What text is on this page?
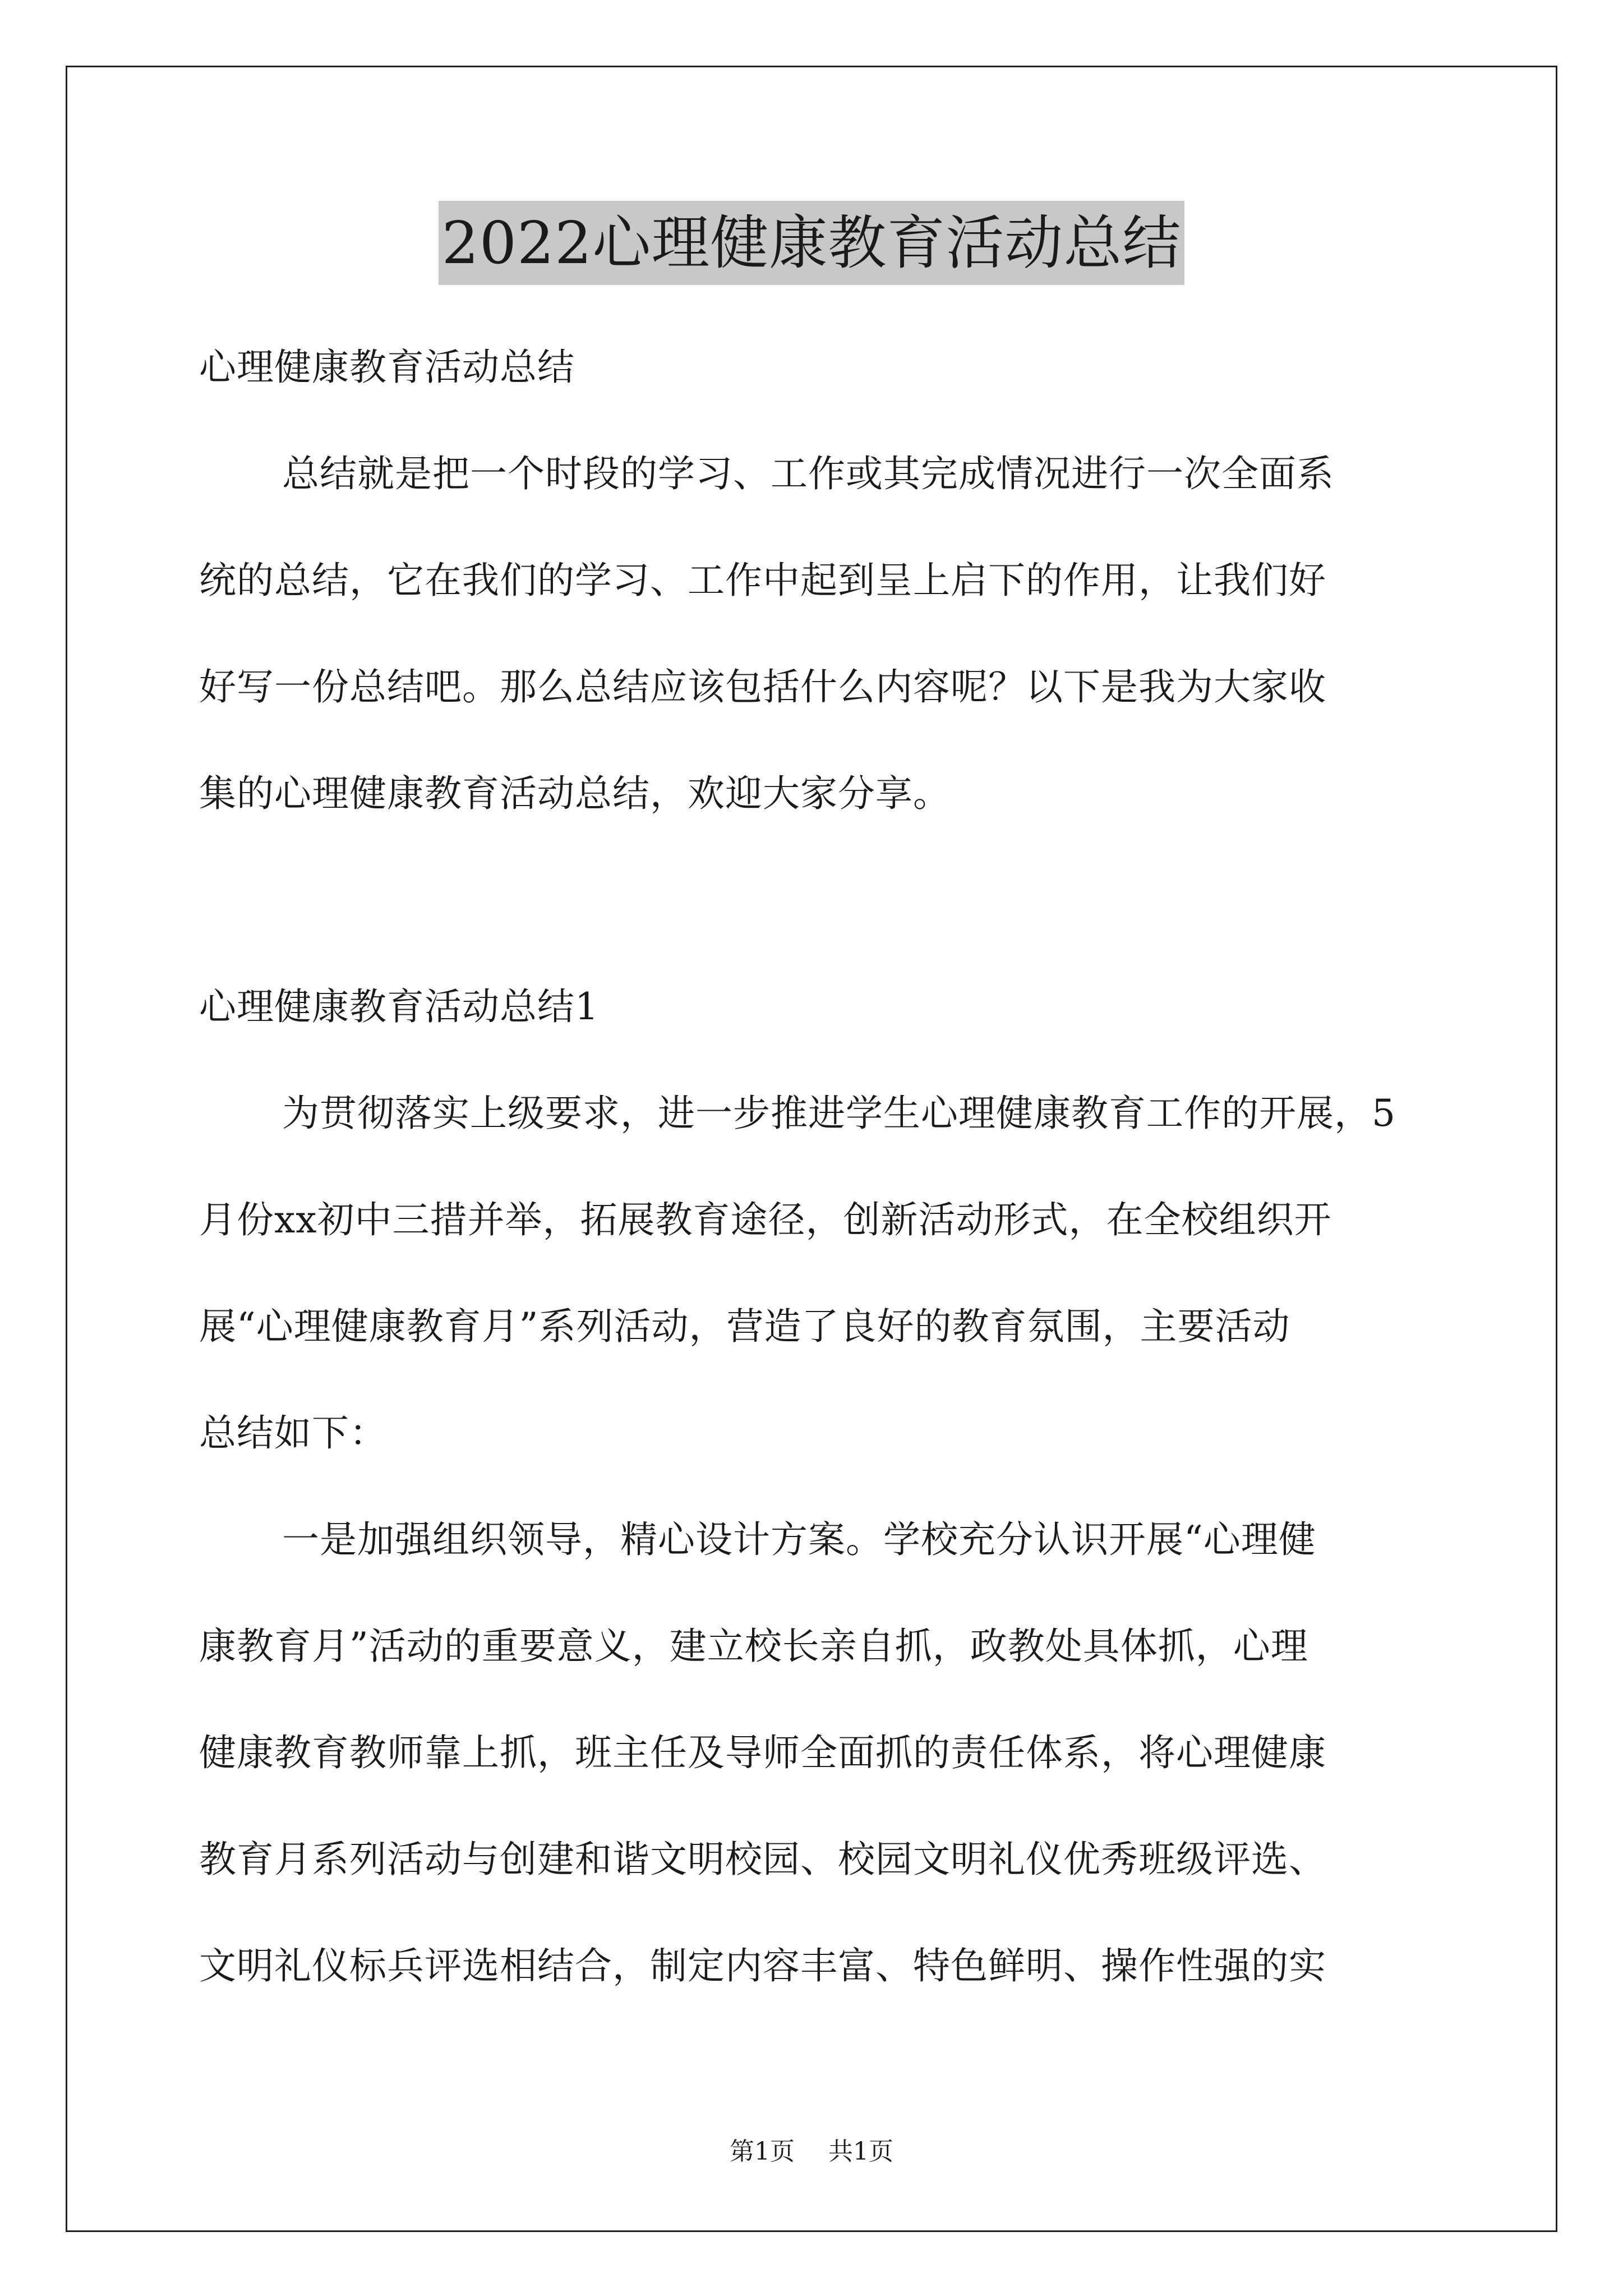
2022心理健康教育活动总结
心理健康教育活动总结
总结就是把一个时段的学习、工作或其完成情况进行一次全面系
统的总结，它在我们的学习、工作中起到呈上启下的作用，让我们好
好写一份总结吧。那么总结应该包括什么内容呢？以下是我为大家收
集的心理健康教育活动总结，欢迎大家分享。
心理健康教育活动总结1
为贯彻落实上级要求，进一步推进学生心理健康教育工作的开展，5
月份xx初中三措并举，拓展教育途径，创新活动形式，在全校组织开
展“心理健康教育月”系列活动，营造了良好的教育氛围，主要活动
总结如下：
一是加强组织领导，精心设计方案。学校充分认识开展“心理健
康教育月”活动的重要意义，建立校长亲自抓，政教处具体抓，心理
健康教育教师靠上抓，班主任及导师全面抓的责任体系，将心理健康
教育月系列活动与创建和谐文明校园、校园文明礼仪优秀班级评选、
文明礼仪标兵评选相结合，制定内容丰富、特色鲜明、操作性强的实
第1页 共1页
